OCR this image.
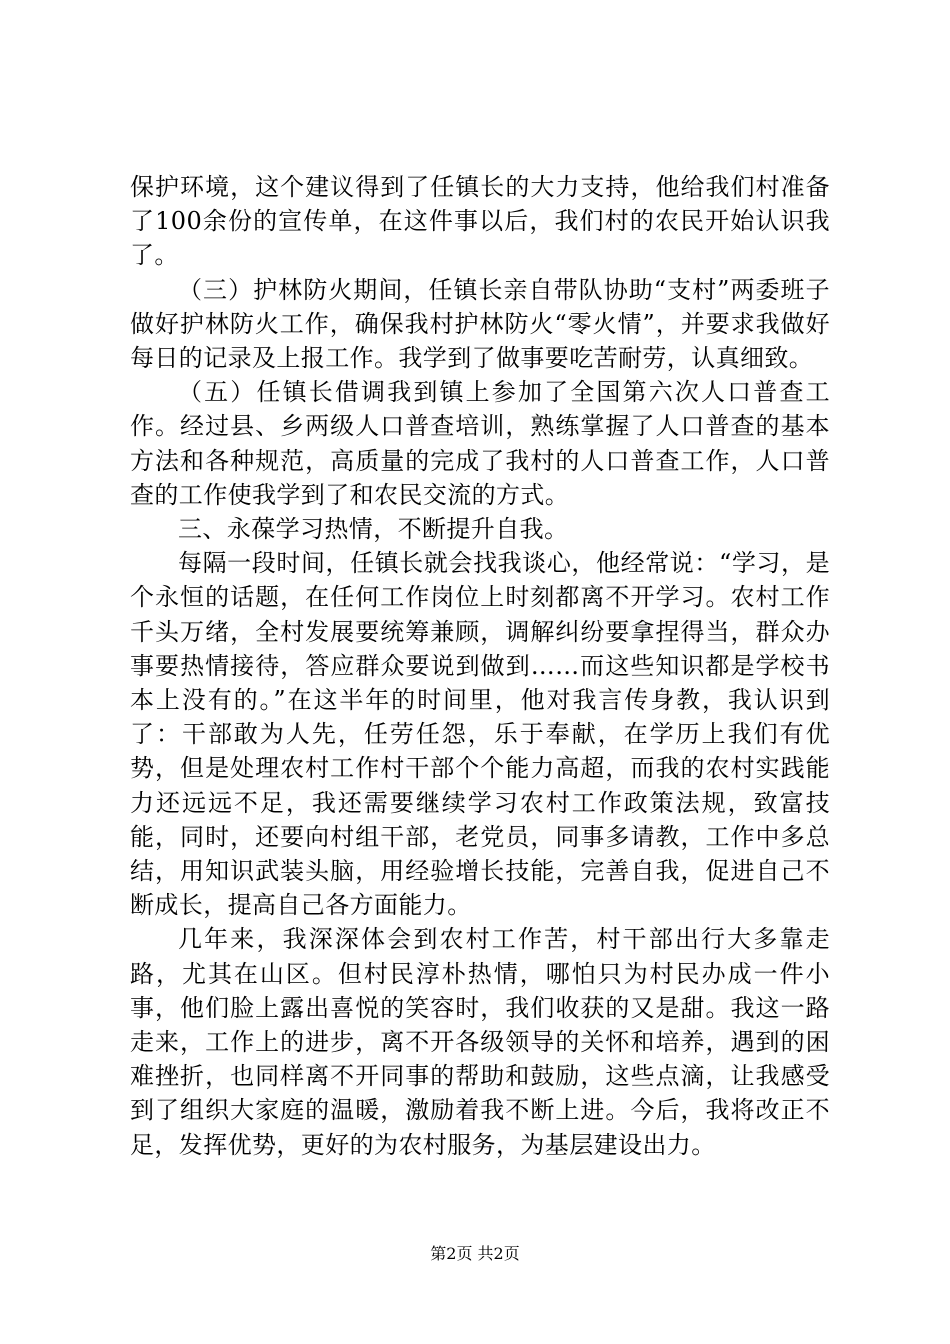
保护环境，这个建议得到了任镇长的大力支持，他给我们村准备了100余份的宣传单，在这件事以后，我们村的农民开始认识我了。

（三）护林防火期间，任镇长亲自带队协助“支村”两委班子做好护林防火工作，确保我村护林防火“零火情”，并要求我做好每日的记录及上报工作。我学到了做事要吃苦耐劳，认真细致。

（五）任镇长借调我到镇上参加了全国第六次人口普查工作。经过县、乡两级人口普查培训，熟练掌握了人口普查的基本方法和各种规范，高质量的完成了我村的人口普查工作，人口普查的工作使我学到了和农民交流的方式。

三、永葆学习热情，不断提升自我。

每隔一段时间，任镇长就会找我谈心，他经常说：“学习，是个永恒的话题，在任何工作岗位上时刻都离不开学习。农村工作千头万绪，全村发展要统筹兼顾，调解纠纷要拿捏得当，群众办事要热情接待，答应群众要说到做到……而这些知识都是学校书本上没有的。”在这半年的时间里，他对我言传身教，我认识到了：干部敢为人先，任劳任怨，乐于奉献，在学历上我们有优势，但是处理农村工作村干部个个能力高超，而我的农村实践能力还远远不足，我还需要继续学习农村工作政策法规，致富技能，同时，还要向村组干部，老党员，同事多请教，工作中多总结，用知识武装头脑，用经验增长技能，完善自我，促进自己不断成长，提高自己各方面能力。

几年来，我深深体会到农村工作苦，村干部出行大多靠走路，尤其在山区。但村民淳朴热情，哪怕只为村民办成一件小事，他们脸上露出喜悦的笑容时，我们收获的又是甜。我这一路走来，工作上的进步，离不开各级领导的关怀和培养，遇到的困难挫折，也同样离不开同事的帮助和鼓励，这些点滴，让我感受到了组织大家庭的温暖，激励着我不断上进。今后，我将改正不足，发挥优势，更好的为农村服务，为基层建设出力。

第2页 共2页
